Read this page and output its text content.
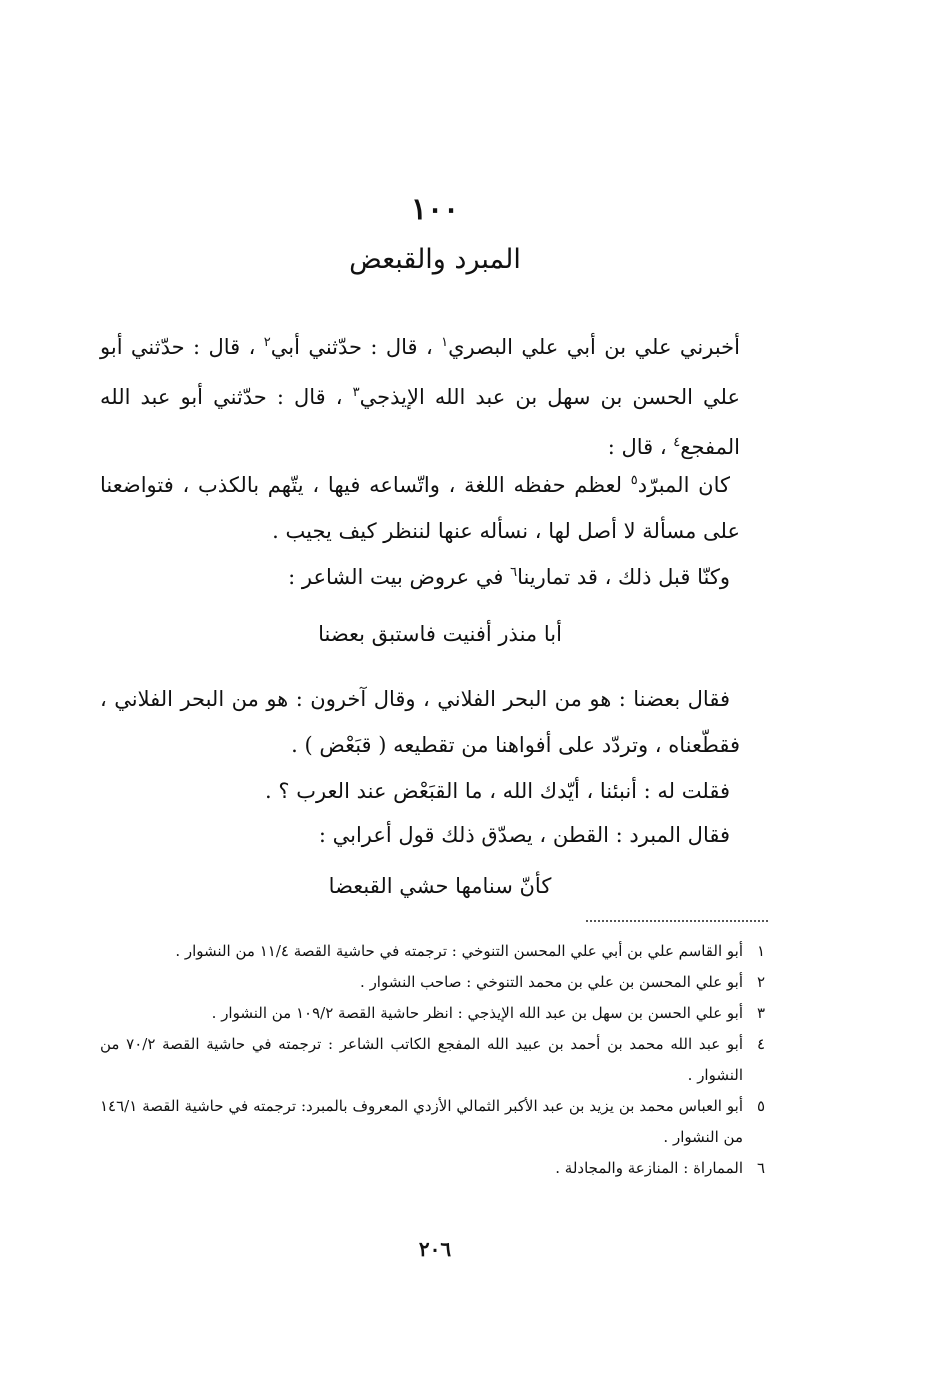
١٠٠
المبرد والقبعض
أخبرني علي بن أبي علي البصري$^١$ ، قال : حدّثني أبي$^٢$ ، قال : حدّثني أبو علي الحسن بن سهل بن عبد الله الإيذجي$^٣$ ، قال : حدّثني أبو عبد الله المفجع$^٤$ ، قال :
كان المبرّد$^٥$ لعظم حفظه اللغة ، واتّساعه فيها ، يتّهم بالكذب ، فتواضعنا على مسألة لا أصل لها ، نسأله عنها لننظر كيف يجيب .
وكنّا قبل ذلك ، قد تمارينا$^٦$ في عروض بيت الشاعر :
أبا منذر أفنيت فاستبق بعضنا
فقال بعضنا : هو من البحر الفلاني ، وقال آخرون : هو من البحر الفلاني ، فقطّعناه ، وتردّد على أفواهنا من تقطيعه ( قبَعْض ) .
فقلت له : أنبئنا ، أيّدك الله ، ما القبَعْض عند العرب ؟ .
فقال المبرد : القطن ، يصدّق ذلك قول أعرابي :
كأنّ سنامها حشي القبعضا
١
أبو القاسم علي بن أبي علي المحسن التنوخي : ترجمته في حاشية القصة ١١/٤ من النشوار .
٢
أبو علي المحسن بن علي بن محمد التنوخي : صاحب النشوار .
٣
أبو علي الحسن بن سهل بن عبد الله الإيذجي : انظر حاشية القصة ١٠٩/٢ من النشوار .
٤
أبو عبد الله محمد بن أحمد بن عبيد الله المفجع الكاتب الشاعر : ترجمته في حاشية القصة ٧٠/٢ من النشوار .
٥
أبو العباس محمد بن يزيد بن عبد الأكبر الثمالي الأزدي المعروف بالمبرد: ترجمته في حاشية القصة ١٤٦/١ من النشوار .
٦
المماراة : المنازعة والمجادلة .
٢٠٦
